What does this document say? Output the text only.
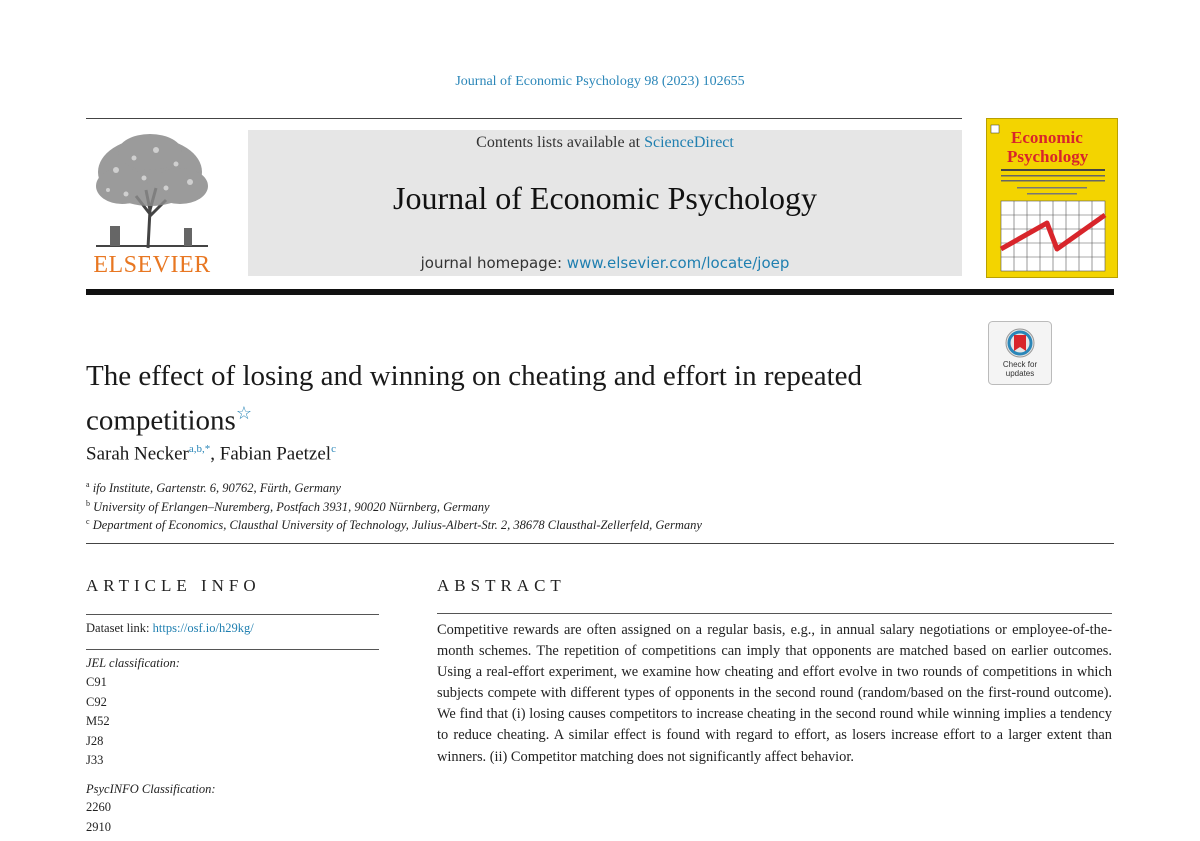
Journal of Economic Psychology 98 (2023) 102655
ELSEVIER
Contents lists available at ScienceDirect
Journal of Economic Psychology
journal homepage: www.elsevier.com/locate/joep
Economic
Psychology
Check for
updates
The effect of losing and winning on cheating and effort in repeated competitions☆
Sarah Necker$^{a,b,*}$, Fabian Paetzel$^c$
$^a$ ifo Institute, Gartenstr. 6, 90762, Fürth, Germany
$^b$ University of Erlangen–Nuremberg, Postfach 3931, 90020 Nürnberg, Germany
$^c$ Department of Economics, Clausthal University of Technology, Julius-Albert-Str. 2, 38678 Clausthal-Zellerfeld, Germany
ARTICLE INFO
Dataset link: https://osf.io/h29kg/
JEL classification:
C91
C92
M52
J28
J33
PsycINFO Classification:
2260
2910
ABSTRACT

Competitive rewards are often assigned on a regular basis, e.g., in annual salary negotiations or employee-of-the-month schemes. The repetition of competitions can imply that opponents are matched based on earlier outcomes. Using a real-effort experiment, we examine how cheating and effort evolve in two rounds of competitions in which subjects compete with different types of opponents in the second round (random/based on the first-round outcome). We find that (i) losing causes competitors to increase cheating in the second round while winning implies a tendency to reduce cheating. A similar effect is found with regard to effort, as losers increase effort to a larger extent than winners. (ii) Competitor matching does not significantly affect behavior.
